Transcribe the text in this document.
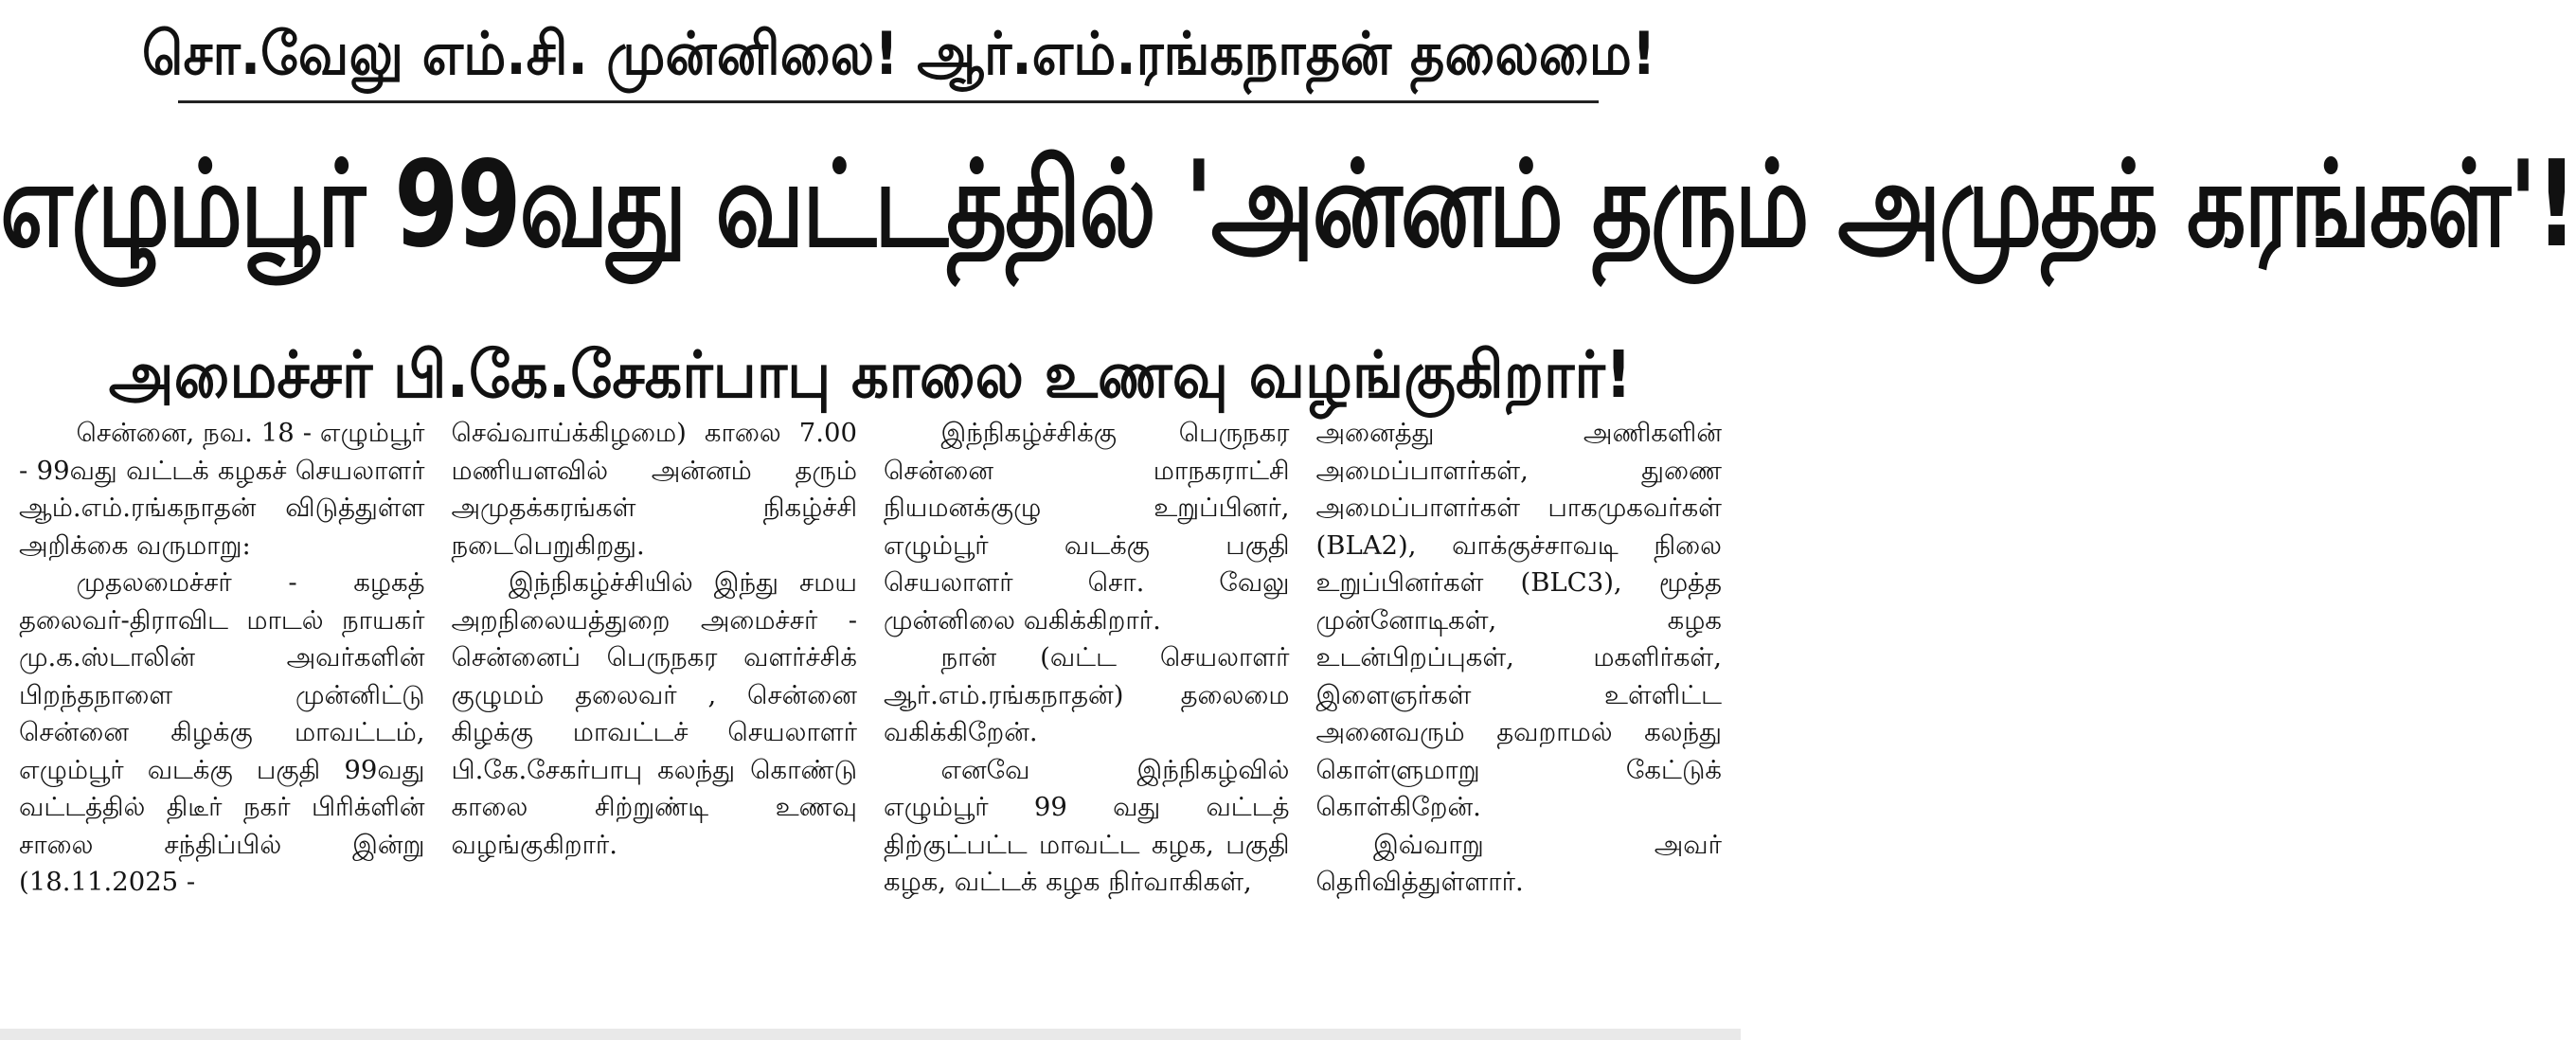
சொ.வேலு எம்.சி. முன்னிலை! ஆர்.எம்.ரங்கநாதன் தலைமை!
எழும்பூர் 99வது வட்டத்தில் 'அன்னம் தரும் அமுதக் கரங்கள்'!
அமைச்சர் பி.கே.சேகர்பாபு காலை உணவு வழங்குகிறார்!

சென்னை, நவ. 18 - எழும்பூர் - 99வது வட்டக் கழகச் செயலாளர் ஆம்.எம்.ரங்கநாதன் விடுத்துள்ள அறிக்கை வருமாறு:

முதலமைச்சர் - கழகத் தலைவர்-திராவிட மாடல் நாயகர் மு.க.ஸ்டாலின் அவர்களின் பிறந்தநாளை முன்னிட்டு சென்னை கிழக்கு மாவட்டம், எழும்பூர் வடக்கு பகுதி 99வது வட்டத்தில் திடீர் நகர் பிரிக்ளின் சாலை சந்திப்பில் இன்று (18.11.2025 -

செவ்வாய்க்கிழமை) காலை 7.00 மணியளவில் அன்னம் தரும் அமுதக்கரங்கள் நிகழ்ச்சி நடைபெறுகிறது.

இந்நிகழ்ச்சியில் இந்து சமய அறநிலையத்துறை அமைச்சர் - சென்னைப் பெருநகர வளர்ச்சிக் குழுமம் தலைவர் , சென்னை கிழக்கு மாவட்டச் செயலாளர் பி.கே.சேகர்பாபு கலந்து கொண்டு காலை சிற்றுண்டி உணவு வழங்குகிறார்.

இந்நிகழ்ச்சிக்கு பெருநகர சென்னை மாநகராட்சி நியமனக்குழு உறுப்பினர், எழும்பூர் வடக்கு பகுதி செயலாளர் சொ. வேலு முன்னிலை வகிக்கிறார்.

நான் (வட்ட செயலாளர் ஆர்.எம்.ரங்கநாதன்) தலைமை வகிக்கிறேன்.

எனவே இந்நிகழ்வில் எழும்பூர் 99 வது வட்டத் திற்குட்பட்ட மாவட்ட கழக, பகுதி கழக, வட்டக் கழக நிர்வாகிகள்,

அனைத்து அணிகளின் அமைப்பாளர்கள், துணை அமைப்பாளர்கள் பாகமுகவர்கள் (BLA2), வாக்குச்சாவடி நிலை உறுப்பினர்கள் (BLC3), மூத்த முன்னோடிகள், கழக உடன்பிறப்புகள், மகளிர்கள், இளைஞர்கள் உள்ளிட்ட அனைவரும் தவறாமல் கலந்து கொள்ளுமாறு கேட்டுக் கொள்கிறேன்.

இவ்வாறு அவர் தெரிவித்துள்ளார்.
